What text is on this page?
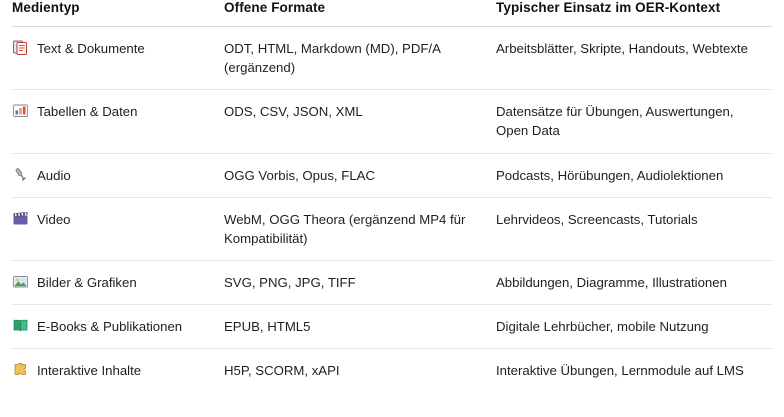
Medientyp	Offene Formate	Typischer Einsatz im OER-Kontext

Text & Dokumente	ODT, HTML, Markdown (MD), PDF/A (ergänzend)	Arbeitsblätter, Skripte, Handouts, Webtexte

Tabellen & Daten	ODS, CSV, JSON, XML	Datensätze für Übungen, Auswertungen, Open Data

Audio	OGG Vorbis, Opus, FLAC	Podcasts, Hörübungen, Audiolektionen

Video	WebM, OGG Theora (ergänzend MP4 für Kompatibilität)	Lehrvideos, Screencasts, Tutorials

Bilder & Grafiken	SVG, PNG, JPG, TIFF	Abbildungen, Diagramme, Illustrationen

E-Books & Publikationen	EPUB, HTML5	Digitale Lehrbücher, mobile Nutzung

Interaktive Inhalte	H5P, SCORM, xAPI	Interaktive Übungen, Lernmodule auf LMS
